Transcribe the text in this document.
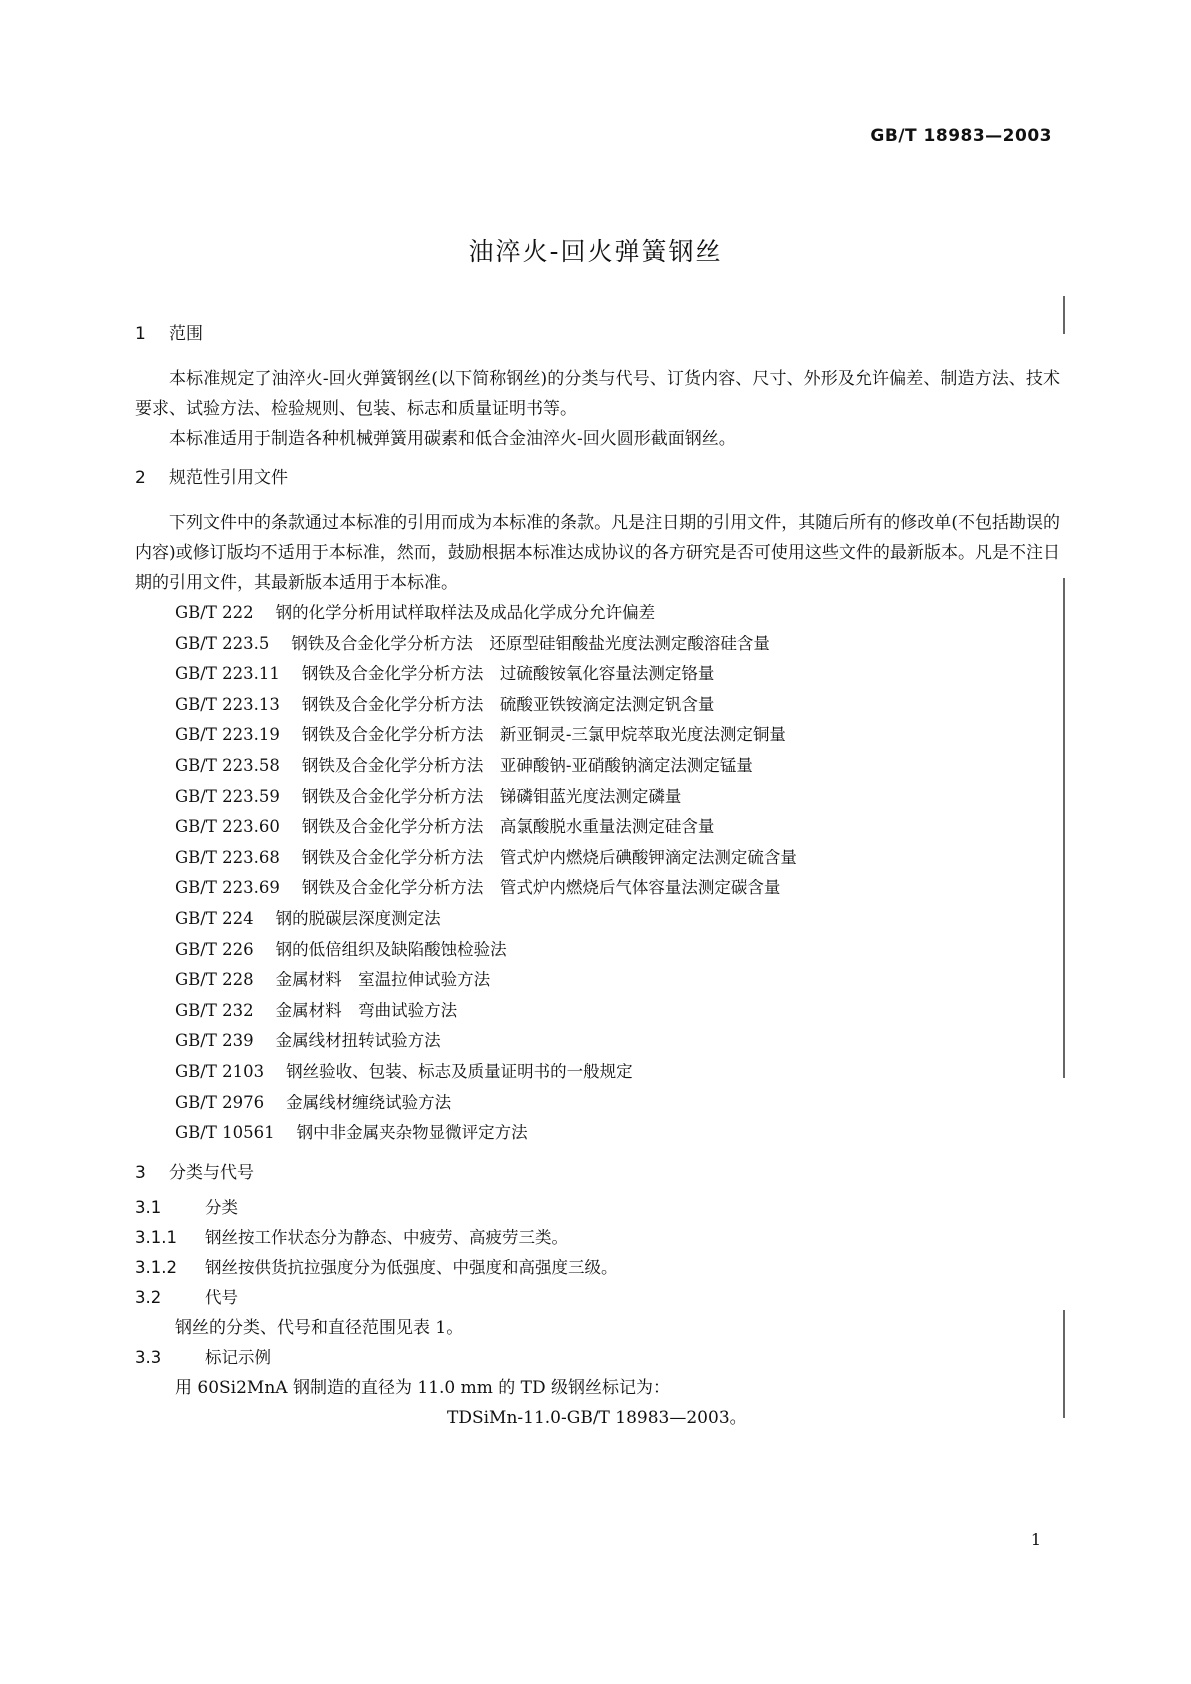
GB/T 18983—2003
油淬火-回火弹簧钢丝

1 范围

本标准规定了油淬火-回火弹簧钢丝(以下简称钢丝)的分类与代号、订货内容、尺寸、外形及允许偏差、制造方法、技术要求、试验方法、检验规则、包装、标志和质量证明书等。

本标准适用于制造各种机械弹簧用碳素和低合金油淬火-回火圆形截面钢丝。

2 规范性引用文件

下列文件中的条款通过本标准的引用而成为本标准的条款。凡是注日期的引用文件，其随后所有的修改单(不包括勘误的内容)或修订版均不适用于本标准，然而，鼓励根据本标准达成协议的各方研究是否可使用这些文件的最新版本。凡是不注日期的引用文件，其最新版本适用于本标准。

GB/T 222 钢的化学分析用试样取样法及成品化学成分允许偏差
GB/T 223.5 钢铁及合金化学分析方法　还原型硅钼酸盐光度法测定酸溶硅含量
GB/T 223.11 钢铁及合金化学分析方法　过硫酸铵氧化容量法测定铬量
GB/T 223.13 钢铁及合金化学分析方法　硫酸亚铁铵滴定法测定钒含量
GB/T 223.19 钢铁及合金化学分析方法　新亚铜灵-三氯甲烷萃取光度法测定铜量
GB/T 223.58 钢铁及合金化学分析方法　亚砷酸钠-亚硝酸钠滴定法测定锰量
GB/T 223.59 钢铁及合金化学分析方法　锑磷钼蓝光度法测定磷量
GB/T 223.60 钢铁及合金化学分析方法　高氯酸脱水重量法测定硅含量
GB/T 223.68 钢铁及合金化学分析方法　管式炉内燃烧后碘酸钾滴定法测定硫含量
GB/T 223.69 钢铁及合金化学分析方法　管式炉内燃烧后气体容量法测定碳含量
GB/T 224 钢的脱碳层深度测定法
GB/T 226 钢的低倍组织及缺陷酸蚀检验法
GB/T 228 金属材料　室温拉伸试验方法
GB/T 232 金属材料　弯曲试验方法
GB/T 239 金属线材扭转试验方法
GB/T 2103 钢丝验收、包装、标志及质量证明书的一般规定
GB/T 2976 金属线材缠绕试验方法
GB/T 10561 钢中非金属夹杂物显微评定方法

3 分类与代号

3.1	分类

3.1.1 钢丝按工作状态分为静态、中疲劳、高疲劳三类。

3.1.2 钢丝按供货抗拉强度分为低强度、中强度和高强度三级。

3.2	代号

钢丝的分类、代号和直径范围见表 1。

3.3	标记示例

用 60Si2MnA 钢制造的直径为 11.0 mm 的 TD 级钢丝标记为：

TDSiMn-11.0-GB/T 18983—2003。

1
